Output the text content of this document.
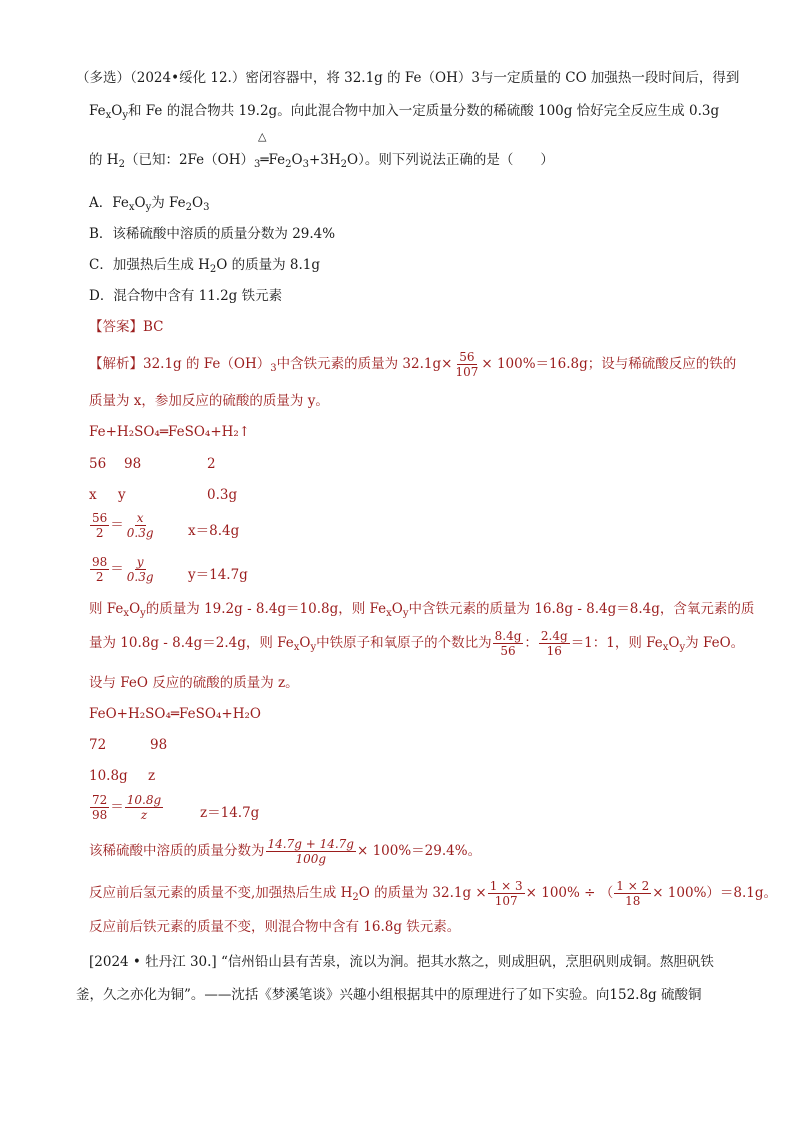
（多选）（2024•绥化 12.）密闭容器中，将 32.1g 的 Fe（OH）3与一定质量的 CO 加强热一段时间后，得到
$Fe_xO_y$和 Fe 的混合物共 19.2g。向此混合物中加入一定质量分数的稀硫酸 100g 恰好完全反应生成 0.3g
△
的 $H_2$（已知：$2Fe(OH)_3═Fe_2O_3+3H_2O$）。则下列说法正确的是（　　）
A．$Fe_xO_y$为 $Fe_2O_3$
B．该稀硫酸中溶质的质量分数为 29.4%
C．加强热后生成 $H_2O$ 的质量为 8.1g
D．混合物中含有 11.2g 铁元素
【答案】BC
【解析】32.1g 的 $Fe(OH)_3$中含铁元素的质量为 $32.1g\times \frac{56}{107} \times 100\%=16.8g$；设与稀硫酸反应的铁的
质量为 x，参加反应的硫酸的质量为 y。
Fe+H₂SO₄═FeSO₄+H₂↑
56 98	2
x y	0.3g
$\frac{56}{2} = \frac{x}{0.3g} x=8.4g$
$\frac{98}{2} = \frac{y}{0.3g} y=14.7g$
则 $Fe_xO_y$的质量为 19.2g - 8.4g＝10.8g，则 $Fe_xO_y$中含铁元素的质量为 16.8g - 8.4g＝8.4g，含氧元素的质
量为 10.8g - 8.4g＝2.4g，则 $Fe_xO_y$中铁原子和氧原子的个数比为 $\frac{8.4g}{56}$ ： $\frac{2.4g}{16} =1$：1，则 $Fe_xO_y$为 FeO。
设与 FeO 反应的硫酸的质量为 z。
FeO+H₂SO₄═FeSO₄+H₂O
72	98
10.8g z
$\frac{72}{98} = \frac{10.8g}{z}$	z＝14.7g
该稀硫酸中溶质的质量分数为 $\frac{14.7g + 14.7g}{100g} \times 100\%=29.4\%$。
反应前后氢元素的质量不变,加强热后生成 $H_2O$ 的质量为 $32.1g \times \frac{1 \times 3}{107} \times 100\%$ ÷ （ $\frac{1 \times 2}{18} \times 100\%)=8.1g$。
反应前后铁元素的质量不变，则混合物中含有 16.8g 铁元素。
[2024 • 牡丹江 30.] “信州铅山县有苦泉，流以为涧。挹其水熬之，则成胆矾，烹胆矾则成铜。熬胆矾铁
釜，久之亦化为铜”。——沈括《梦溪笔谈》兴趣小组根据其中的原理进行了如下实验。向152.8g 硫酸铜
